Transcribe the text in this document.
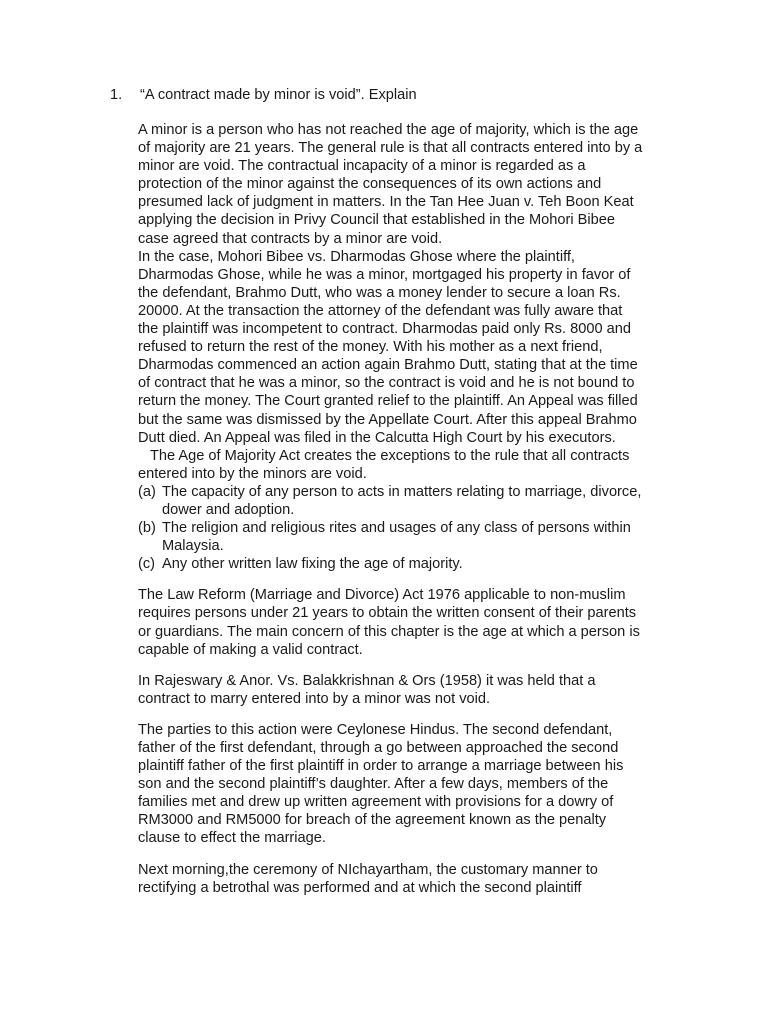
1. “A contract made by minor is void”. Explain
A minor is a person who has not reached the age of majority, which is the age
of majority are 21 years. The general rule is that all contracts entered into by a
minor are void. The contractual incapacity of a minor is regarded as a
protection of the minor against the consequences of its own actions and
presumed lack of judgment in matters. In the Tan Hee Juan v. Teh Boon Keat
applying the decision in Privy Council that established in the Mohori Bibee
case agreed that contracts by a minor are void.
In the case, Mohori Bibee vs. Dharmodas Ghose where the plaintiff,
Dharmodas Ghose, while he was a minor, mortgaged his property in favor of
the defendant, Brahmo Dutt, who was a money lender to secure a loan Rs.
20000. At the transaction the attorney of the defendant was fully aware that
the plaintiff was incompetent to contract. Dharmodas paid only Rs. 8000 and
refused to return the rest of the money. With his mother as a next friend,
Dharmodas commenced an action again Brahmo Dutt, stating that at the time
of contract that he was a minor, so the contract is void and he is not bound to
return the money. The Court granted relief to the plaintiff. An Appeal was filled
but the same was dismissed by the Appellate Court. After this appeal Brahmo
Dutt died. An Appeal was filed in the Calcutta High Court by his executors.
The Age of Majority Act creates the exceptions to the rule that all contracts
entered into by the minors are void.
(a) The capacity of any person to acts in matters relating to marriage, divorce,
dower and adoption.
(b) The religion and religious rites and usages of any class of persons within
Malaysia.
(c) Any other written law fixing the age of majority.
The Law Reform (Marriage and Divorce) Act 1976 applicable to non-muslim
requires persons under 21 years to obtain the written consent of their parents
or guardians. The main concern of this chapter is the age at which a person is
capable of making a valid contract.
In Rajeswary & Anor. Vs. Balakkrishnan & Ors (1958) it was held that a
contract to marry entered into by a minor was not void.
The parties to this action were Ceylonese Hindus. The second defendant,
father of the first defendant, through a go between approached the second
plaintiff father of the first plaintiff in order to arrange a marriage between his
son and the second plaintiff’s daughter. After a few days, members of the
families met and drew up written agreement with provisions for a dowry of
RM3000 and RM5000 for breach of the agreement known as the penalty
clause to effect the marriage.
Next morning,the ceremony of NIchayartham, the customary manner to
rectifying a betrothal was performed and at which the second plaintiff
